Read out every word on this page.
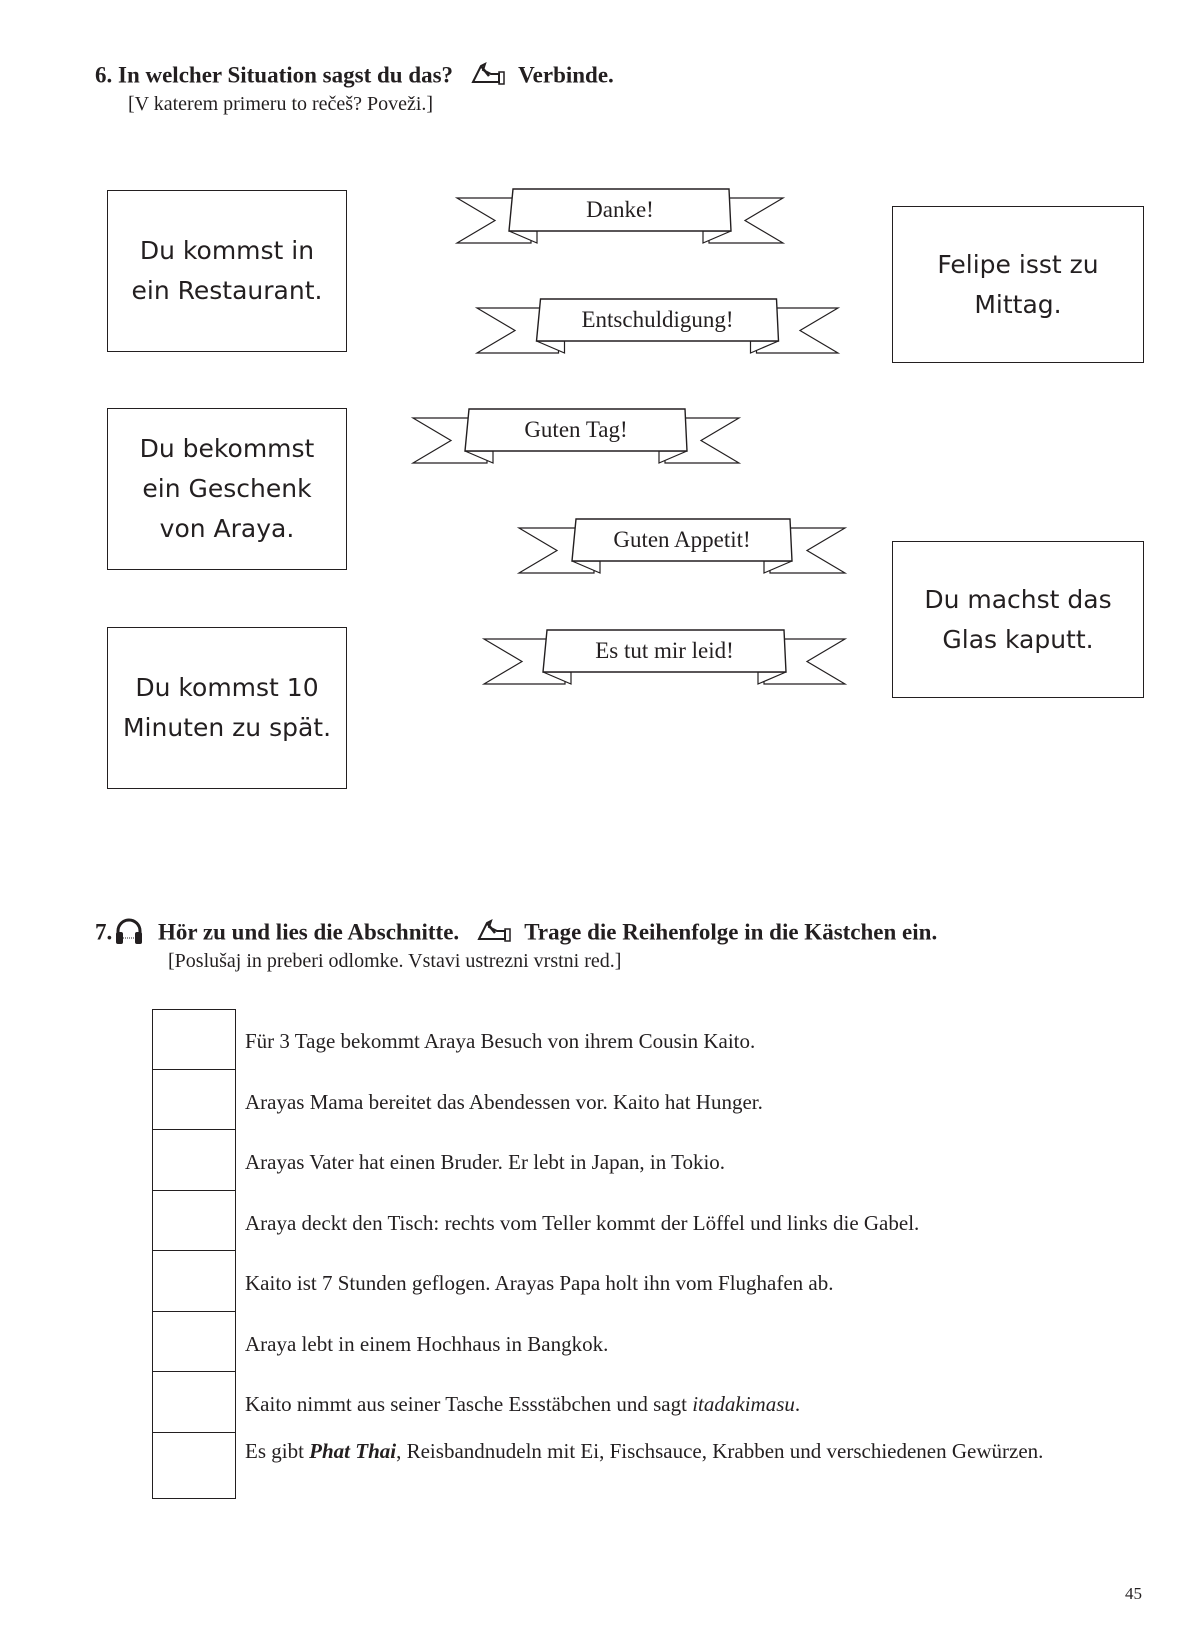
6. In welcher Situation sagst du das?	Verbinde.
[V katerem primeru to rečeš? Poveži.]
Du kommst in ein Restaurant.
Du bekommst ein Geschenk von Araya.
Du kommst 10 Minuten zu spät.
Felipe isst zu Mittag.
Du machst das Glas kaputt.
Danke!
Entschuldigung!
Guten Tag!
Guten Appetit!
Es tut mir leid!
7. Hör zu und lies die Abschnitte.	Trage die Reihenfolge in die Kästchen ein.
[Poslušaj in preberi odlomke. Vstavi ustrezni vrstni red.]
Für 3 Tage bekommt Araya Besuch von ihrem Cousin Kaito.
Arayas Mama bereitet das Abendessen vor. Kaito hat Hunger.
Arayas Vater hat einen Bruder. Er lebt in Japan, in Tokio.
Araya deckt den Tisch: rechts vom Teller kommt der Löffel und links die Gabel.
Kaito ist 7 Stunden geflogen. Arayas Papa holt ihn vom Flughafen ab.
Araya lebt in einem Hochhaus in Bangkok.
Kaito nimmt aus seiner Tasche Essstäbchen und sagt itadakimasu.
Es gibt Phat Thai, Reisbandnudeln mit Ei, Fischsauce, Krabben und verschiedenen Gewürzen.
45
